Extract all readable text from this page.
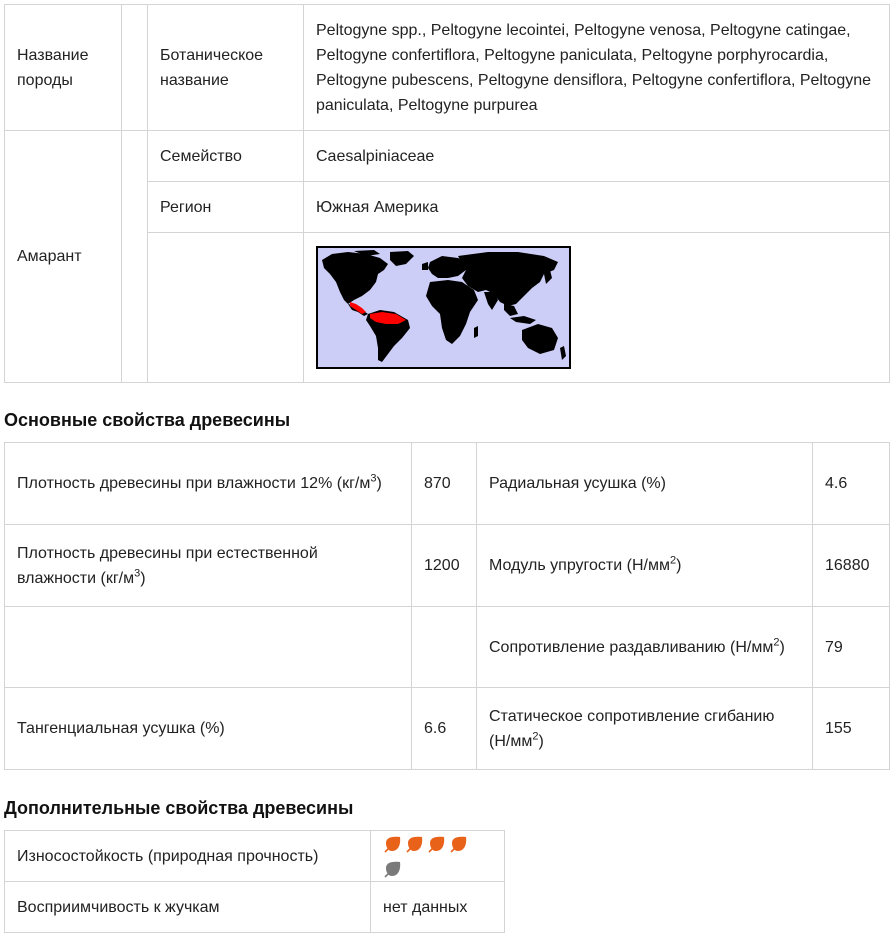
Название породы		Ботаническое название	Peltogyne spp., Peltogyne lecointei, Peltogyne venosa, Peltogyne catingae, Peltogyne confertiflora, Peltogyne paniculata, Peltogyne porphyrocardia, Peltogyne pubescens, Peltogyne densiflora, Peltogyne confertiflora, Peltogyne paniculata, Peltogyne purpurea
Амарант		Семейство	Caesalpiniaceae
		Регион	Южная Америка

Основные свойства древесины
Плотность древесины при влажности 12% $(кг/м^3)$	870	Радиальная усушка (%)	4.6
Плотность древесины при естественной влажности $(кг/м^3)$	1200	Модуль упругости $(Н/мм^2)$	16880
		Сопротивление раздавливанию $(Н/мм^2)$	79
Тангенциальная усушка (%)	6.6	Статическое сопротивление сгибанию $(Н/мм^2)$	155
Дополнительные свойства древесины
Износостойкость (природная прочность)	
Восприимчивость к жучкам	нет данных
